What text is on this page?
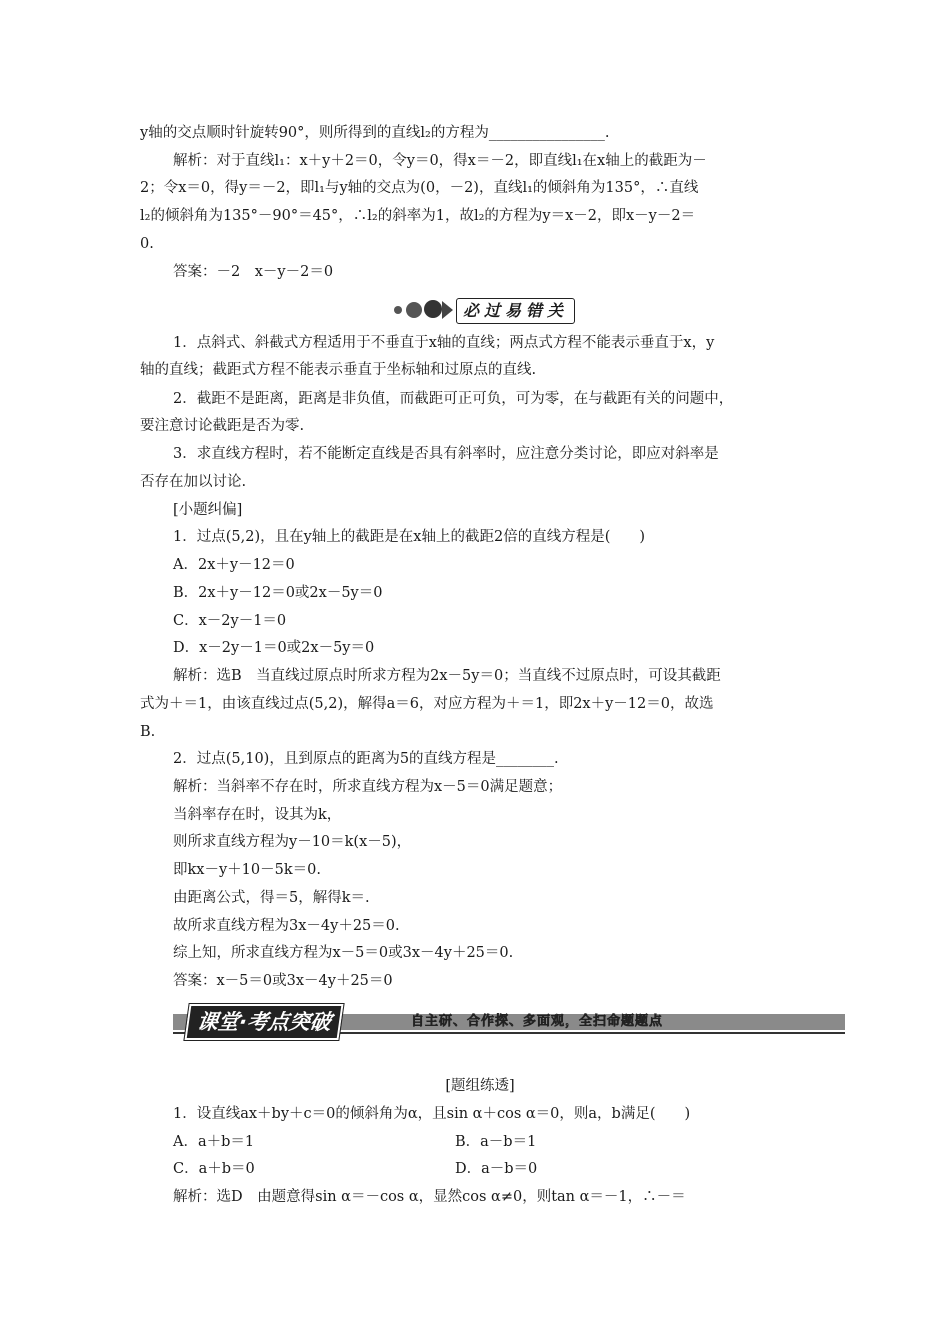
y轴的交点顺时针旋转90°，则所得到的直线l₂的方程为________________.
解析：对于直线l₁：x＋y＋2＝0，令y＝0，得x＝－2，即直线l₁在x轴上的截距为－
2；令x＝0，得y＝－2，即l₁与y轴的交点为(0，－2)，直线l₁的倾斜角为135°，∴直线
l₂的倾斜角为135°－90°＝45°，∴l₂的斜率为1，故l₂的方程为y＝x－2，即x－y－2＝
0.
答案：－2　x－y－2＝0
必过易错关
1．点斜式、斜截式方程适用于不垂直于x轴的直线；两点式方程不能表示垂直于x，y
轴的直线；截距式方程不能表示垂直于坐标轴和过原点的直线.
2．截距不是距离，距离是非负值，而截距可正可负，可为零，在与截距有关的问题中，
要注意讨论截距是否为零.
3．求直线方程时，若不能断定直线是否具有斜率时，应注意分类讨论，即应对斜率是
否存在加以讨论.
[小题纠偏]
1．过点(5,2)，且在y轴上的截距是在x轴上的截距2倍的直线方程是(　　)
A．2x＋y－12＝0
B．2x＋y－12＝0或2x－5y＝0
C．x－2y－1＝0
D．x－2y－1＝0或2x－5y＝0
解析：选B　当直线过原点时所求方程为2x－5y＝0；当直线不过原点时，可设其截距
式为＋＝1，由该直线过点(5,2)，解得a＝6，对应方程为＋＝1，即2x＋y－12＝0，故选
B.
2．过点(5,10)，且到原点的距离为5的直线方程是________.
解析：当斜率不存在时，所求直线方程为x－5＝0满足题意；
当斜率存在时，设其为k，
则所求直线方程为y－10＝k(x－5)，
即kx－y＋10－5k＝0.
由距离公式，得＝5，解得k＝.
故所求直线方程为3x－4y＋25＝0.
综上知，所求直线方程为x－5＝0或3x－4y＋25＝0.
答案：x－5＝0或3x－4y＋25＝0
课堂·考点突破	自主研、合作探、多面观，全扫命题题点
[题组练透]
1．设直线ax＋by＋c＝0的倾斜角为α，且sin α＋cos α＝0，则a，b满足(　　)
A．a＋b＝1	B．a－b＝1
C．a＋b＝0	D．a－b＝0
解析：选D　由题意得sin α＝－cos α，显然cos α≠0，则tan α＝－1，∴－＝
